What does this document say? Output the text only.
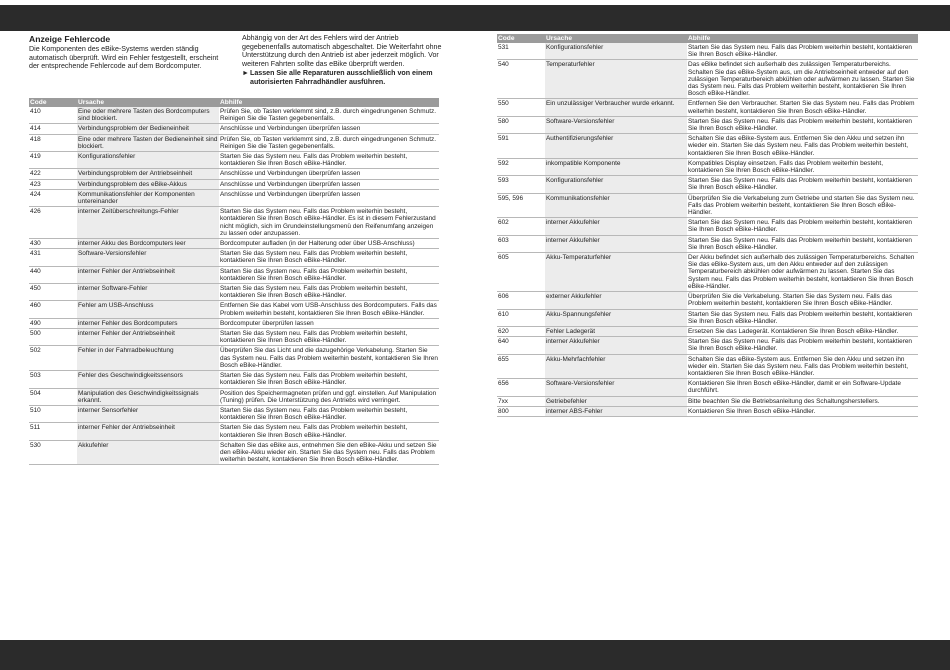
Anzeige Fehlercode
Die Komponenten des eBike-Systems werden ständig automatisch überprüft. Wird ein Fehler festgestellt, erscheint der entsprechende Fehlercode auf dem Bordcomputer.
Abhängig von der Art des Fehlers wird der Antrieb gegebenenfalls automatisch abgeschaltet. Die Weiterfahrt ohne Unterstützung durch den Antrieb ist aber jederzeit möglich. Vor weiteren Fahrten sollte das eBike überprüft werden.
► Lassen Sie alle Reparaturen ausschließlich von einem autorisierten Fahrradhändler ausführen.
Code	Ursache	Abhilfe
410	Eine oder mehrere Tasten des Bordcomputers sind blockiert.	Prüfen Sie, ob Tasten verklemmt sind, z.B. durch eingedrungenen Schmutz. Reinigen Sie die Tasten gegebenenfalls.
414	Verbindungsproblem der Bedieneinheit	Anschlüsse und Verbindungen überprüfen lassen
418	Eine oder mehrere Tasten der Bedieneinheit sind blockiert.	Prüfen Sie, ob Tasten verklemmt sind, z.B. durch eingedrungenen Schmutz. Reinigen Sie die Tasten gegebenenfalls.
419	Konfigurationsfehler	Starten Sie das System neu. Falls das Problem weiterhin besteht, kontaktieren Sie Ihren Bosch eBike-Händler.
422	Verbindungsproblem der Antriebseinheit	Anschlüsse und Verbindungen überprüfen lassen
423	Verbindungsproblem des eBike-Akkus	Anschlüsse und Verbindungen überprüfen lassen
424	Kommunikationsfehler der Komponenten untereinander	Anschlüsse und Verbindungen überprüfen lassen
426	interner Zeitüberschreitungs-Fehler	Starten Sie das System neu. Falls das Problem weiterhin besteht, kontaktieren Sie Ihren Bosch eBike-Händler. Es ist in diesem Fehlerzustand nicht möglich, sich im Grundeinstellungsmenü den Reifenumfang anzeigen zu lassen oder anzupassen.
430	interner Akku des Bordcomputers leer	Bordcomputer aufladen (in der Halterung oder über USB-Anschluss)
431	Software-Versionsfehler	Starten Sie das System neu. Falls das Problem weiterhin besteht, kontaktieren Sie Ihren Bosch eBike-Händler.
440	interner Fehler der Antriebseinheit	Starten Sie das System neu. Falls das Problem weiterhin besteht, kontaktieren Sie Ihren Bosch eBike-Händler.
450	interner Software-Fehler	Starten Sie das System neu. Falls das Problem weiterhin besteht, kontaktieren Sie Ihren Bosch eBike-Händler.
460	Fehler am USB-Anschluss	Entfernen Sie das Kabel vom USB-Anschluss des Bordcomputers. Falls das Problem weiterhin besteht, kontaktieren Sie Ihren Bosch eBike-Händler.
490	interner Fehler des Bordcomputers	Bordcomputer überprüfen lassen
500	interner Fehler der Antriebseinheit	Starten Sie das System neu. Falls das Problem weiterhin besteht, kontaktieren Sie Ihren Bosch eBike-Händler.
502	Fehler in der Fahrradbeleuchtung	Überprüfen Sie das Licht und die dazugehörige Verkabelung. Starten Sie das System neu. Falls das Problem weiterhin besteht, kontaktieren Sie Ihren Bosch eBike-Händler.
503	Fehler des Geschwindigkeitssensors	Starten Sie das System neu. Falls das Problem weiterhin besteht, kontaktieren Sie Ihren Bosch eBike-Händler.
504	Manipulation des Geschwindigkeitssignals erkannt.	Position des Speichermagneten prüfen und ggf. einstellen. Auf Manipulation (Tuning) prüfen. Die Unterstützung des Antriebs wird verringert.
510	interner Sensorfehler	Starten Sie das System neu. Falls das Problem weiterhin besteht, kontaktieren Sie Ihren Bosch eBike-Händler.
511	interner Fehler der Antriebseinheit	Starten Sie das System neu. Falls das Problem weiterhin besteht, kontaktieren Sie Ihren Bosch eBike-Händler.
530	Akkufehler	Schalten Sie das eBike aus, entnehmen Sie den eBike-Akku und setzen Sie den eBike-Akku wieder ein. Starten Sie das System neu. Falls das Problem weiterhin besteht, kontaktieren Sie Ihren Bosch eBike-Händler.
Code	Ursache	Abhilfe
531	Konfigurationsfehler	Starten Sie das System neu. Falls das Problem weiterhin besteht, kontaktieren Sie Ihren Bosch eBike-Händler.
540	Temperaturfehler	Das eBike befindet sich außerhalb des zulässigen Temperaturbereichs. Schalten Sie das eBike-System aus, um die Antriebseinheit entweder auf den zulässigen Temperaturbereich abkühlen oder aufwärmen zu lassen. Starten Sie das System neu. Falls das Problem weiterhin besteht, kontaktieren Sie Ihren Bosch eBike-Händler.
550	Ein unzulässiger Verbraucher wurde erkannt.	Entfernen Sie den Verbraucher. Starten Sie das System neu. Falls das Problem weiterhin besteht, kontaktieren Sie Ihren Bosch eBike-Händler.
580	Software-Versionsfehler	Starten Sie das System neu. Falls das Problem weiterhin besteht, kontaktieren Sie Ihren Bosch eBike-Händler.
591	Authentifizierungsfehler	Schalten Sie das eBike-System aus. Entfernen Sie den Akku und setzen ihn wieder ein. Starten Sie das System neu. Falls das Problem weiterhin besteht, kontaktieren Sie Ihren Bosch eBike-Händler.
592	inkompatible Komponente	Kompatibles Display einsetzen. Falls das Problem weiterhin besteht, kontaktieren Sie Ihren Bosch eBike-Händler.
593	Konfigurationsfehler	Starten Sie das System neu. Falls das Problem weiterhin besteht, kontaktieren Sie Ihren Bosch eBike-Händler.
595, 596	Kommunikationsfehler	Überprüfen Sie die Verkabelung zum Getriebe und starten Sie das System neu. Falls das Problem weiterhin besteht, kontaktieren Sie Ihren Bosch eBike-Händler.
602	interner Akkufehler	Starten Sie das System neu. Falls das Problem weiterhin besteht, kontaktieren Sie Ihren Bosch eBike-Händler.
603	interner Akkufehler	Starten Sie das System neu. Falls das Problem weiterhin besteht, kontaktieren Sie Ihren Bosch eBike-Händler.
605	Akku-Temperaturfehler	Der Akku befindet sich außerhalb des zulässigen Temperaturbereichs. Schalten Sie das eBike-System aus, um den Akku entweder auf den zulässigen Temperaturbereich abkühlen oder aufwärmen zu lassen. Starten Sie das System neu. Falls das Problem weiterhin besteht, kontaktieren Sie Ihren Bosch eBike-Händler.
606	externer Akkufehler	Überprüfen Sie die Verkabelung. Starten Sie das System neu. Falls das Problem weiterhin besteht, kontaktieren Sie Ihren Bosch eBike-Händler.
610	Akku-Spannungsfehler	Starten Sie das System neu. Falls das Problem weiterhin besteht, kontaktieren Sie Ihren Bosch eBike-Händler.
620	Fehler Ladegerät	Ersetzen Sie das Ladegerät. Kontaktieren Sie Ihren Bosch eBike-Händler.
640	interner Akkufehler	Starten Sie das System neu. Falls das Problem weiterhin besteht, kontaktieren Sie Ihren Bosch eBike-Händler.
655	Akku-Mehrfachfehler	Schalten Sie das eBike-System aus. Entfernen Sie den Akku und setzen ihn wieder ein. Starten Sie das System neu. Falls das Problem weiterhin besteht, kontaktieren Sie Ihren Bosch eBike-Händler.
656	Software-Versionsfehler	Kontaktieren Sie Ihren Bosch eBike-Händler, damit er ein Software-Update durchführt.
7xx	Getriebefehler	Bitte beachten Sie die Betriebsanleitung des Schaltungsherstellers.
800	interner ABS-Fehler	Kontaktieren Sie Ihren Bosch eBike-Händler.
